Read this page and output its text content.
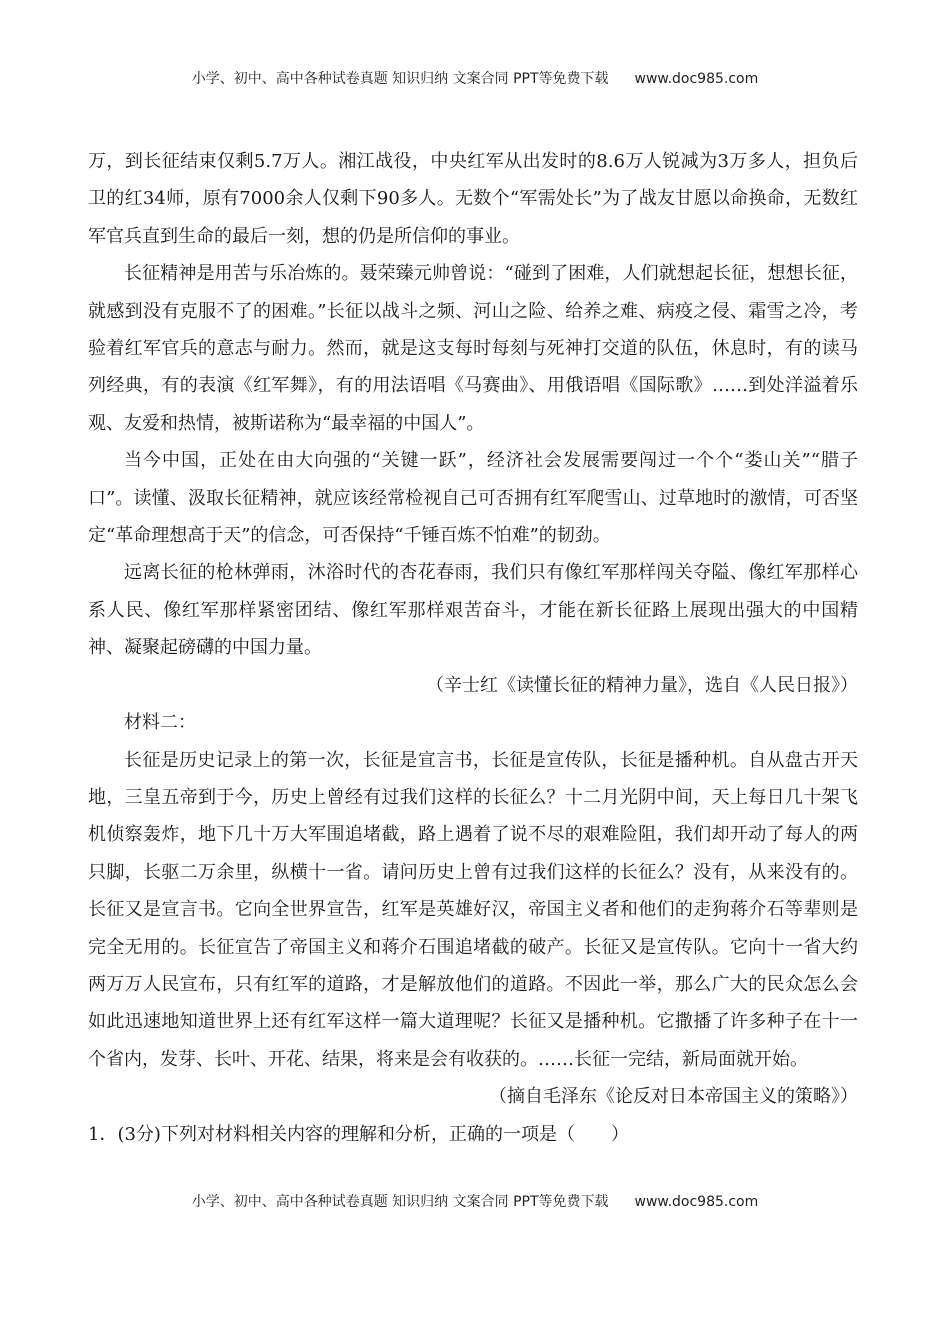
小学、初中、高中各种试卷真题 知识归纳 文案合同 PPT等免费下载 www.doc985.com

万，到长征结束仅剩5.7万人。湘江战役，中央红军从出发时的8.6万人锐减为3万多人，担负后卫的红34师，原有7000余人仅剩下90多人。无数个“军需处长”为了战友甘愿以命换命，无数红军官兵直到生命的最后一刻，想的仍是所信仰的事业。

长征精神是用苦与乐冶炼的。聂荣臻元帅曾说：“碰到了困难，人们就想起长征，想想长征，就感到没有克服不了的困难。”长征以战斗之频、河山之险、给养之难、病疫之侵、霜雪之冷，考验着红军官兵的意志与耐力。然而，就是这支每时每刻与死神打交道的队伍，休息时，有的读马列经典，有的表演《红军舞》，有的用法语唱《马赛曲》、用俄语唱《国际歌》……到处洋溢着乐观、友爱和热情，被斯诺称为“最幸福的中国人”。

当今中国，正处在由大向强的“关键一跃”，经济社会发展需要闯过一个个“娄山关”“腊子口”。读懂、汲取长征精神，就应该经常检视自己可否拥有红军爬雪山、过草地时的激情，可否坚定“革命理想高于天”的信念，可否保持“千锤百炼不怕难”的韧劲。

远离长征的枪林弹雨，沐浴时代的杏花春雨，我们只有像红军那样闯关夺隘、像红军那样心系人民、像红军那样紧密团结、像红军那样艰苦奋斗，才能在新长征路上展现出强大的中国精神、凝聚起磅礴的中国力量。

（辛士红《读懂长征的精神力量》，选自《人民日报》）

材料二：

长征是历史记录上的第一次，长征是宣言书，长征是宣传队，长征是播种机。自从盘古开天地，三皇五帝到于今，历史上曾经有过我们这样的长征么？十二月光阴中间，天上每日几十架飞机侦察轰炸，地下几十万大军围追堵截，路上遇着了说不尽的艰难险阻，我们却开动了每人的两只脚，长驱二万余里，纵横十一省。请问历史上曾有过我们这样的长征么？没有，从来没有的。长征又是宣言书。它向全世界宣告，红军是英雄好汉，帝国主义者和他们的走狗蒋介石等辈则是完全无用的。长征宣告了帝国主义和蒋介石围追堵截的破产。长征又是宣传队。它向十一省大约两万万人民宣布，只有红军的道路，才是解放他们的道路。不因此一举，那么广大的民众怎么会如此迅速地知道世界上还有红军这样一篇大道理呢？长征又是播种机。它撒播了许多种子在十一个省内，发芽、长叶、开花、结果，将来是会有收获的。……长征一完结，新局面就开始。

（摘自毛泽东《论反对日本帝国主义的策略》）

1．(3分)下列对材料相关内容的理解和分析，正确的一项是（　　）

小学、初中、高中各种试卷真题 知识归纳 文案合同 PPT等免费下载 www.doc985.com
